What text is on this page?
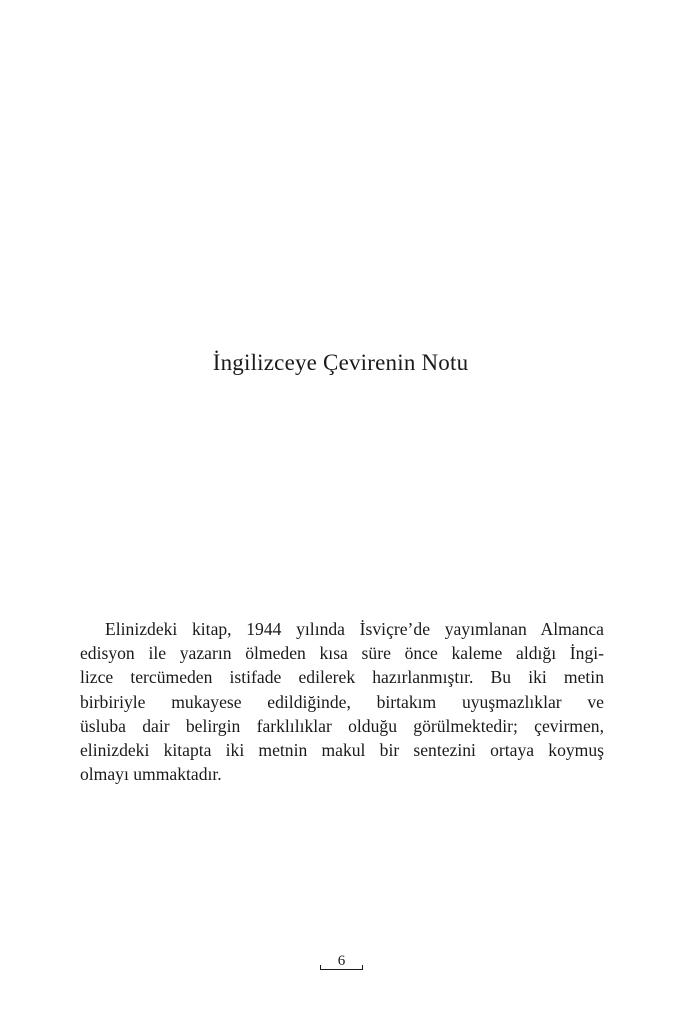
İngilizceye Çevirenin Notu
Elinizdeki kitap, 1944 yılında İsviçre’de yayımlanan Almanca
edisyon ile yazarın ölmeden kısa süre önce kaleme aldığı İngi-
lizce tercümeden istifade edilerek hazırlanmıştır. Bu iki metin
birbiriyle mukayese edildiğinde, birtakım uyuşmazlıklar ve
üsluba dair belirgin farklılıklar olduğu görülmektedir; çevirmen,
elinizdeki kitapta iki metnin makul bir sentezini ortaya koymuş
olmayı ummaktadır.
6
